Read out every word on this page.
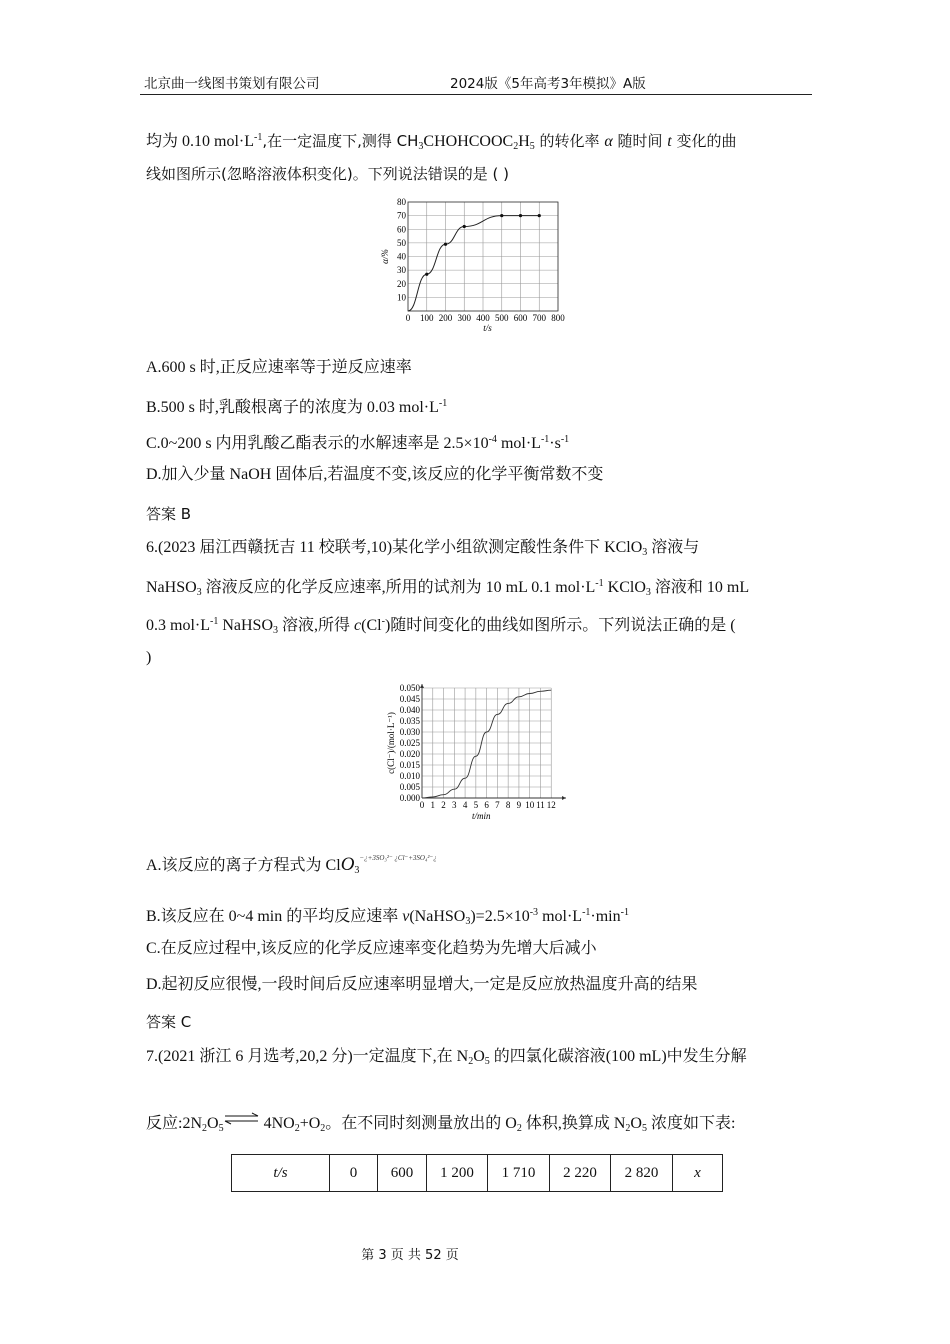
北京曲一线图书策划有限公司	2024版《5年高考3年模拟》A版
均为 0.10 $mol\cdot L^{-1}$,在一定温度下,测得 $CH_3CHOHCOOC_2H_5$ 的转化率 α 随时间 t 变化的曲
线如图所示(忽略溶液体积变化)。下列说法错误的是 ( )
0 100 200 300 400 500 600 700 800
10
20
30
40
50
60
70
80
t/s
α/%
A.600 s 时,正反应速率等于逆反应速率
B.500 s 时,乳酸根离子的浓度为 0.03 $mol\cdot L^{-1}$
C.0~200 s 内用乳酸乙酯表示的水解速率是 $2.5\times 10^{-4}$ $mol\cdot L^{-1}\cdot s^{-1}$
D.加入少量 NaOH 固体后,若温度不变,该反应的化学平衡常数不变
答案 B
6.(2023 届江西赣抚吉 11 校联考,10)某化学小组欲测定酸性条件下 KClO$_3$ 溶液与
NaHSO$_3$ 溶液反应的化学反应速率,所用的试剂为 10 mL 0.1 $mol\cdot L^{-1}$ KClO$_3$ 溶液和 10 mL
0.3 $mol\cdot L^{-1}$ NaHSO$_3$ 溶液,所得 c(Cl-)随时间变化的曲线如图所示。下列说法正确的是 (
)
0 1 2 3 4 5 6 7 8 9 10 11 12
0.000
0.005
0.010
0.015
0.020
0.025
0.030
0.035
0.040
0.045
0.050
t/min
c(Cl⁻)/(mol·L⁻¹)
A.该反应的离子方程式为 ClO$_3^{-¿+3SO_3^{2-} ¿Cl^-+3SO_4^{2-}¿}$
B.该反应在 0~4 min 的平均反应速率 $v(NaHSO_3)=2.5\times 10^{-3}$ $mol\cdot L^{-1}\cdot\min^{-1}$
C.在反应过程中,该反应的化学反应速率变化趋势为先增大后减小
D.起初反应很慢,一段时间后反应速率明显增大,一定是反应放热温度升高的结果
答案 C
7.(2021 浙江 6 月选考,20,2 分)一定温度下,在 $N_2O_5$ 的四氯化碳溶液(100 mL)中发生分解
反应$:2N_2O_5$ ⇌ $4NO_2+O_2$。在不同时刻测量放出的 $O_2$ 体积,换算成 $N_2O_5$ 浓度如下表:
t/s	0	600	1 200	1 710	2 220	2 820	x
第 3 页 共 52 页
